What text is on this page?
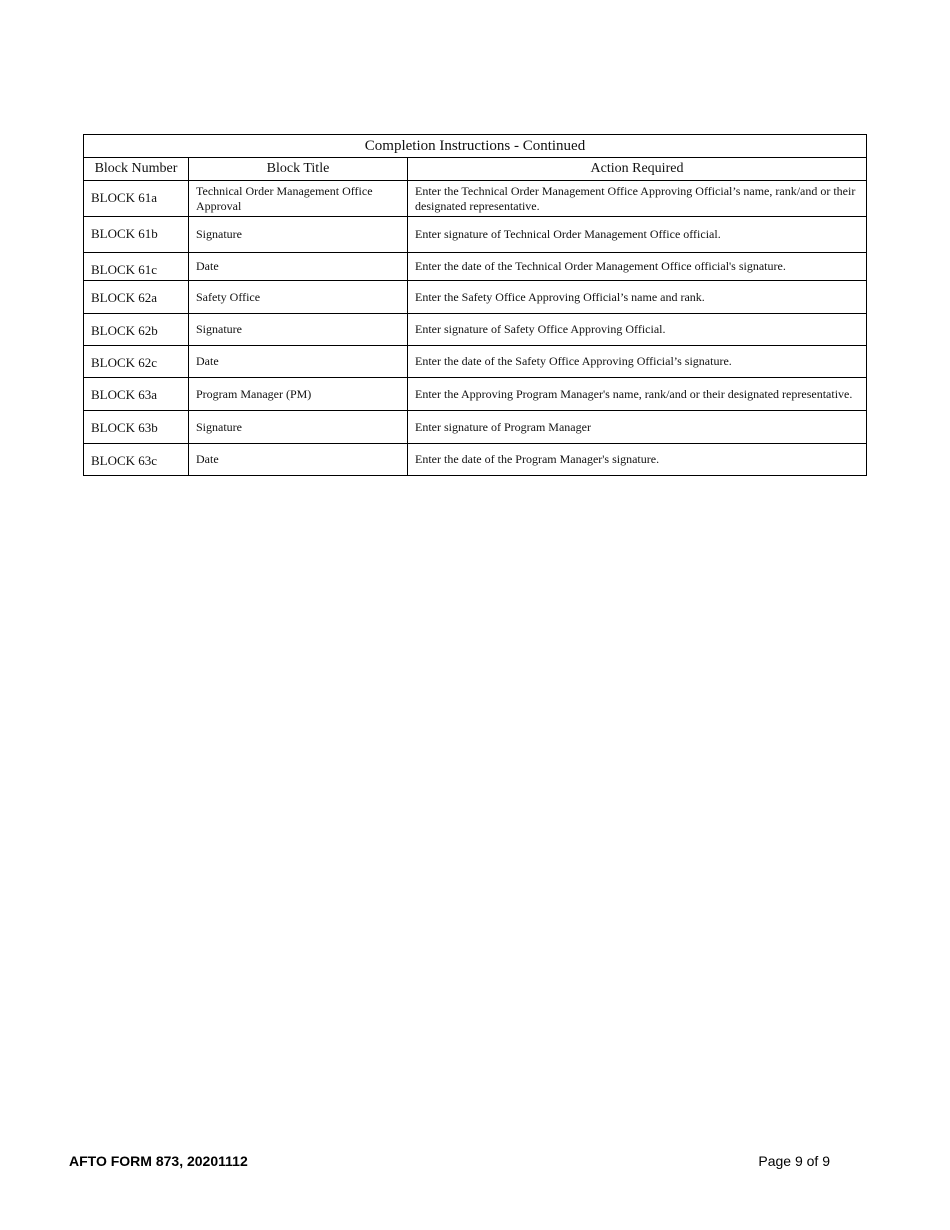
Completion Instructions - Continued		
Block Number	Block Title	Action Required
BLOCK 61a	Technical Order Management Office Approval	Enter the Technical Order Management Office Approving Official’s name, rank/and or their designated representative.
BLOCK 61b	Signature	Enter signature of Technical Order Management Office official.
BLOCK 61c	Date	Enter the date of the Technical Order Management Office official's signature.
BLOCK 62a	Safety Office	Enter the Safety Office Approving Official’s name and rank.
BLOCK 62b	Signature	Enter signature of Safety Office Approving Official.
BLOCK 62c	Date	Enter the date of the Safety Office Approving Official’s signature.
BLOCK 63a	Program Manager (PM)	Enter the Approving Program Manager's name, rank/and or their designated representative.
BLOCK 63b	Signature	Enter signature of Program Manager
BLOCK 63c	Date	Enter the date of the Program Manager's signature.
AFTO FORM 873, 20201112	Page 9 of 9
